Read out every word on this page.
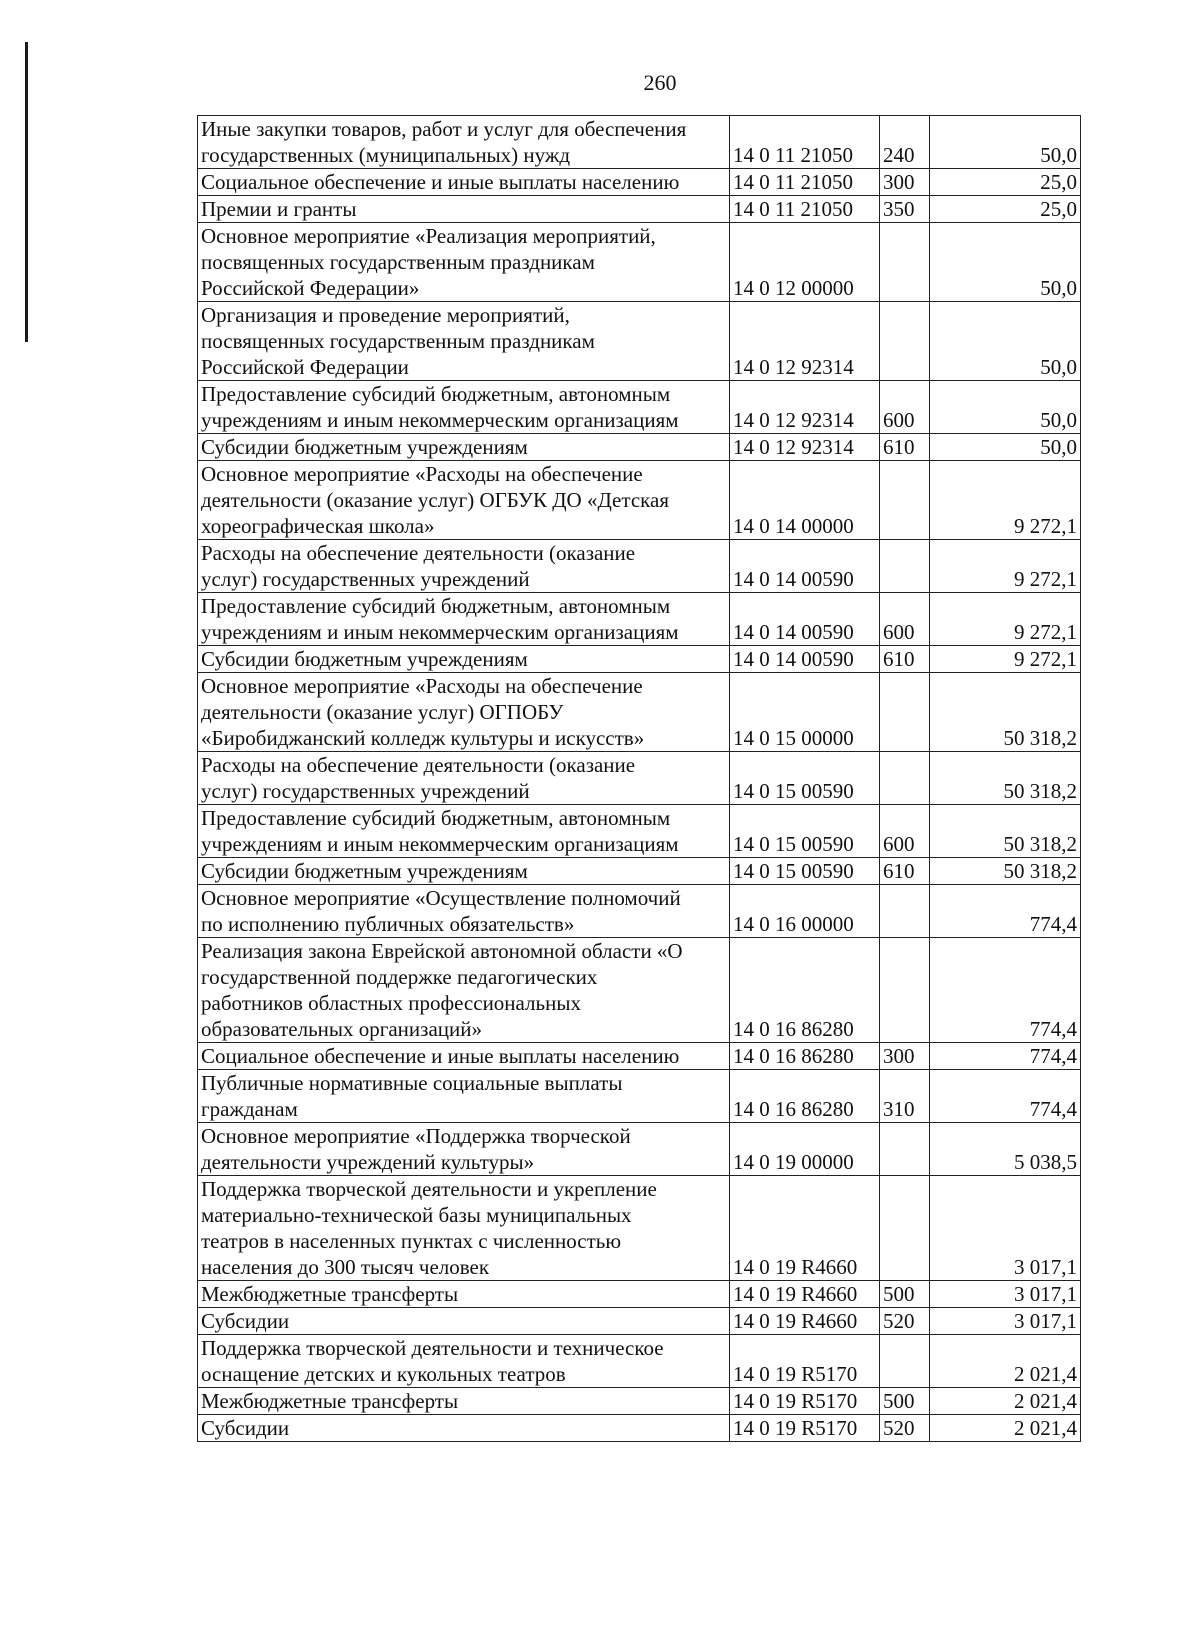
260
Иные закупки товаров, работ и услуг для обеспечения
государственных (муниципальных) нужд	14 0 11 21050	240	50,0
Социальное обеспечение и иные выплаты населению	14 0 11 21050	300	25,0
Премии и гранты	14 0 11 21050	350	25,0
Основное мероприятие «Реализация мероприятий,
посвященных государственным праздникам
Российской Федерации»	14 0 12 00000		50,0
Организация и проведение мероприятий,
посвященных государственным праздникам
Российской Федерации	14 0 12 92314		50,0
Предоставление субсидий бюджетным, автономным
учреждениям и иным некоммерческим организациям	14 0 12 92314	600	50,0
Субсидии бюджетным учреждениям	14 0 12 92314	610	50,0
Основное мероприятие «Расходы на обеспечение
деятельности (оказание услуг) ОГБУК ДО «Детская
хореографическая школа»	14 0 14 00000		9 272,1
Расходы на обеспечение деятельности (оказание
услуг) государственных учреждений	14 0 14 00590		9 272,1
Предоставление субсидий бюджетным, автономным
учреждениям и иным некоммерческим организациям	14 0 14 00590	600	9 272,1
Субсидии бюджетным учреждениям	14 0 14 00590	610	9 272,1
Основное мероприятие «Расходы на обеспечение
деятельности (оказание услуг) ОГПОБУ
«Биробиджанский колледж культуры и искусств»	14 0 15 00000		50 318,2
Расходы на обеспечение деятельности (оказание
услуг) государственных учреждений	14 0 15 00590		50 318,2
Предоставление субсидий бюджетным, автономным
учреждениям и иным некоммерческим организациям	14 0 15 00590	600	50 318,2
Субсидии бюджетным учреждениям	14 0 15 00590	610	50 318,2
Основное мероприятие «Осуществление полномочий
по исполнению публичных обязательств»	14 0 16 00000		774,4
Реализация закона Еврейской автономной области «О
государственной поддержке педагогических
работников областных профессиональных
образовательных организаций»	14 0 16 86280		774,4
Социальное обеспечение и иные выплаты населению	14 0 16 86280	300	774,4
Публичные нормативные социальные выплаты
гражданам	14 0 16 86280	310	774,4
Основное мероприятие «Поддержка творческой
деятельности учреждений культуры»	14 0 19 00000		5 038,5
Поддержка творческой деятельности и укрепление
материально-технической базы муниципальных
театров в населенных пунктах с численностью
населения до 300 тысяч человек	14 0 19 R4660		3 017,1
Межбюджетные трансферты	14 0 19 R4660	500	3 017,1
Субсидии	14 0 19 R4660	520	3 017,1
Поддержка творческой деятельности и техническое
оснащение детских и кукольных театров	14 0 19 R5170		2 021,4
Межбюджетные трансферты	14 0 19 R5170	500	2 021,4
Субсидии	14 0 19 R5170	520	2 021,4
